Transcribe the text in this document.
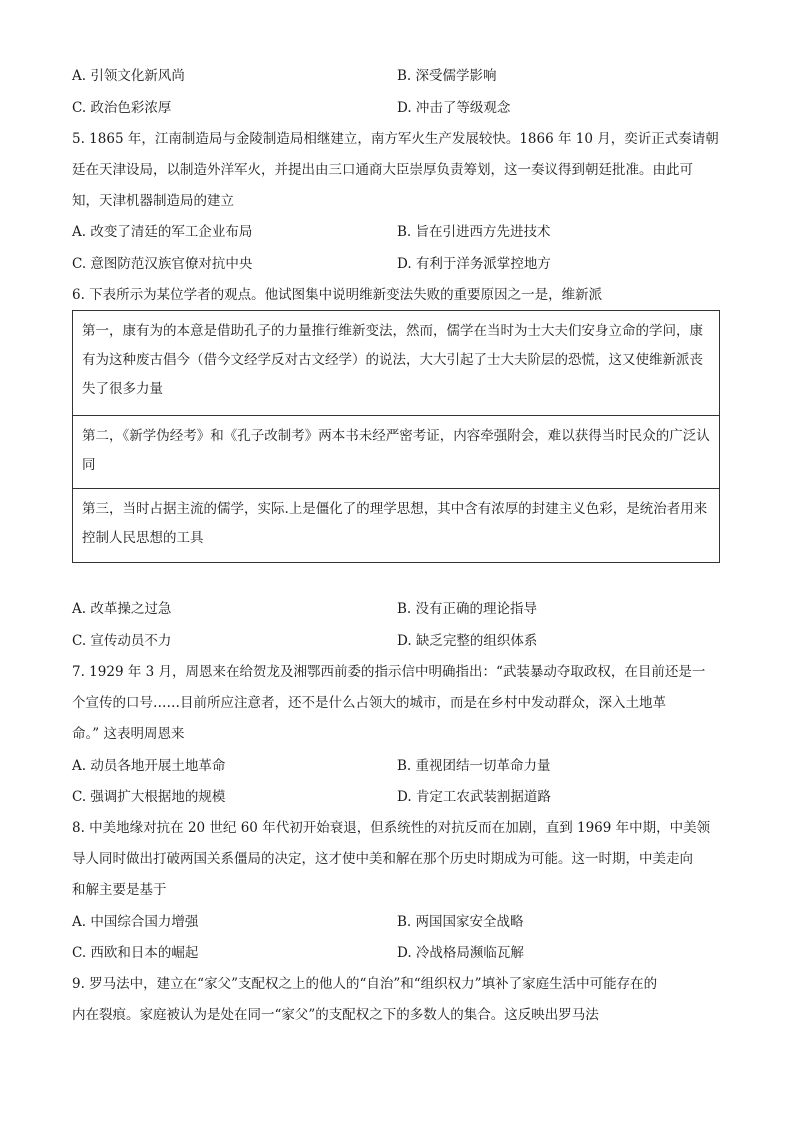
A. 引领文化新风尚	B. 深受儒学影响
C. 政治色彩浓厚	D. 冲击了等级观念
5. 1865 年，江南制造局与金陵制造局相继建立，南方军火生产发展较快。1866 年 10 月，奕䜣正式奏请朝
廷在天津设局，以制造外洋军火，并提出由三口通商大臣崇厚负责筹划，这一奏议得到朝廷批准。由此可
知，天津机器制造局的建立
A. 改变了清廷的军工企业布局	B. 旨在引进西方先进技术
C. 意图防范汉族官僚对抗中央	D. 有利于洋务派掌控地方
6. 下表所示为某位学者的观点。他试图集中说明维新变法失败的重要原因之一是，维新派
第一，康有为的本意是借助孔子的力量推行维新变法，然而，儒学在当时为士大夫们安身立命的学问，康有为这种废古倡今（借今文经学反对古文经学）的说法，大大引起了士大夫阶层的恐慌，这又使维新派丧失了很多力量
第二，《新学伪经考》和《孔子改制考》两本书未经严密考证，内容牵强附会，难以获得当时民众的广泛认同
第三，当时占据主流的儒学，实际.上是僵化了的理学思想，其中含有浓厚的封建主义色彩，是统治者用来控制人民思想的工具
A. 改革操之过急	B. 没有正确的理论指导
C. 宣传动员不力	D. 缺乏完整的组织体系
7. 1929 年 3 月，周恩来在给贺龙及湘鄂西前委的指示信中明确指出：“武装暴动夺取政权，在目前还是一
个宣传的口号……目前所应注意者，还不是什么占领大的城市，而是在乡村中发动群众，深入土地革
命。” 这表明周恩来
A. 动员各地开展土地革命	B. 重视团结一切革命力量
C. 强调扩大根据地的规模	D. 肯定工农武装割据道路
8. 中美地缘对抗在 20 世纪 60 年代初开始衰退，但系统性的对抗反而在加剧，直到 1969 年中期，中美领
导人同时做出打破两国关系僵局的决定，这才使中美和解在那个历史时期成为可能。这一时期，中美走向
和解主要是基于
A. 中国综合国力增强	B. 两国国家安全战略
C. 西欧和日本的崛起	D. 冷战格局濒临瓦解
9. 罗马法中，建立在“家父”支配权之上的他人的“自治”和“组织权力”填补了家庭生活中可能存在的
内在裂痕。家庭被认为是处在同一“家父”的支配权之下的多数人的集合。这反映出罗马法
